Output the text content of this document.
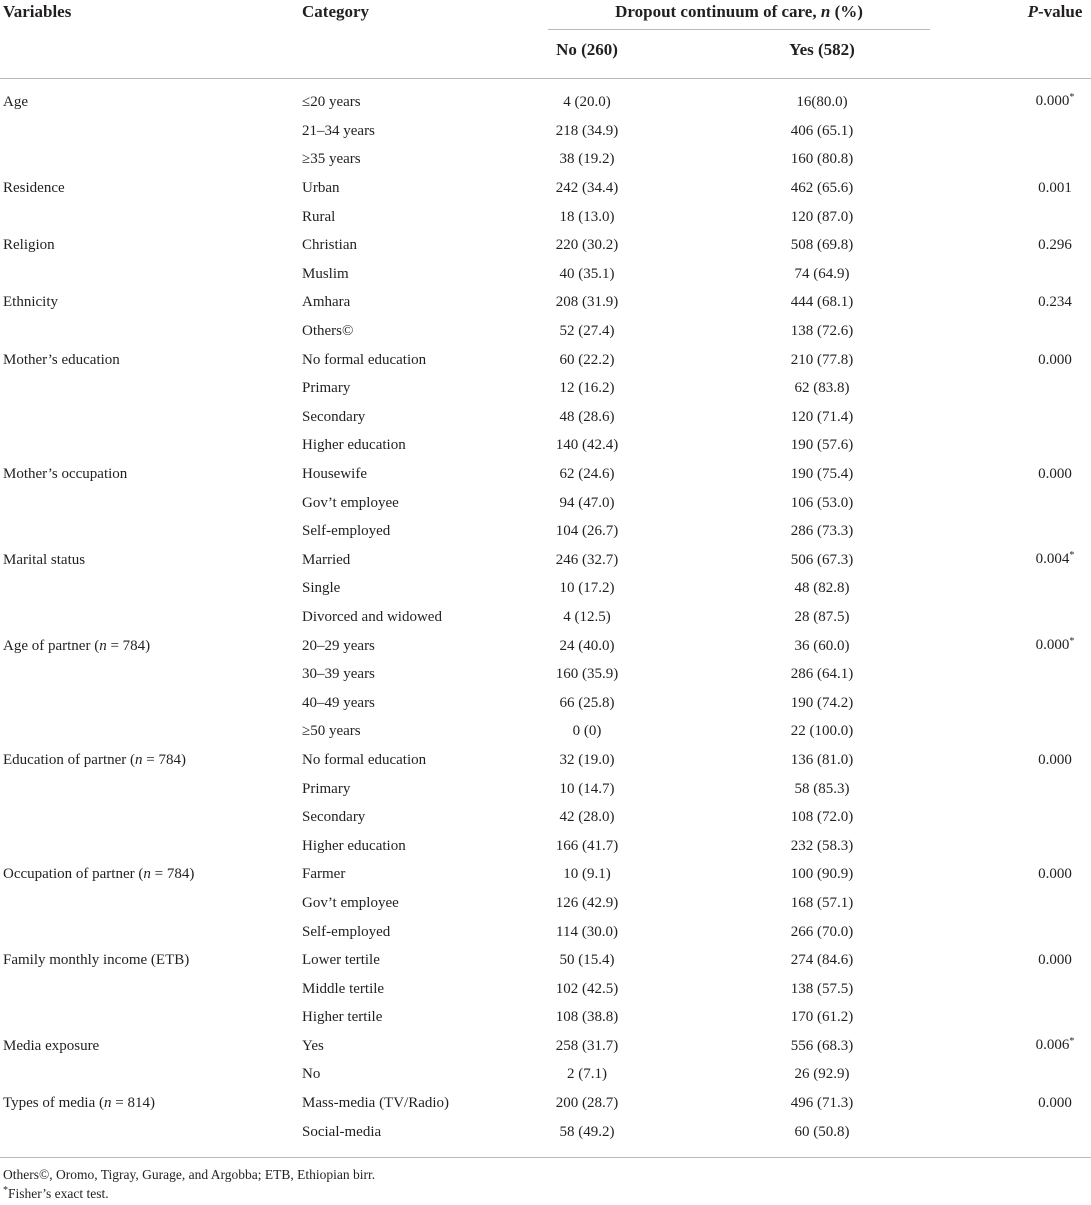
Variables	Category	Dropout continuum of care, n (%)	P-value
No (260)	Yes (582)
Age	≤20 years	4 (20.0)	16(80.0)	0.000*
21–34 years	218 (34.9)	406 (65.1)
≥35 years	38 (19.2)	160 (80.8)
Residence	Urban	242 (34.4)	462 (65.6)	0.001
Rural	18 (13.0)	120 (87.0)
Religion	Christian	220 (30.2)	508 (69.8)	0.296
Muslim	40 (35.1)	74 (64.9)
Ethnicity	Amhara	208 (31.9)	444 (68.1)	0.234
Others©	52 (27.4)	138 (72.6)
Mother’s education	No formal education	60 (22.2)	210 (77.8)	0.000
Primary	12 (16.2)	62 (83.8)
Secondary	48 (28.6)	120 (71.4)
Higher education	140 (42.4)	190 (57.6)
Mother’s occupation	Housewife	62 (24.6)	190 (75.4)	0.000
Gov’t employee	94 (47.0)	106 (53.0)
Self-employed	104 (26.7)	286 (73.3)
Marital status	Married	246 (32.7)	506 (67.3)	0.004*
Single	10 (17.2)	48 (82.8)
Divorced and widowed	4 (12.5)	28 (87.5)
Age of partner (n = 784)	20–29 years	24 (40.0)	36 (60.0)	0.000*
30–39 years	160 (35.9)	286 (64.1)
40–49 years	66 (25.8)	190 (74.2)
≥50 years	0 (0)	22 (100.0)
Education of partner (n = 784)	No formal education	32 (19.0)	136 (81.0)	0.000
Primary	10 (14.7)	58 (85.3)
Secondary	42 (28.0)	108 (72.0)
Higher education	166 (41.7)	232 (58.3)
Occupation of partner (n = 784)	Farmer	10 (9.1)	100 (90.9)	0.000
Gov’t employee	126 (42.9)	168 (57.1)
Self-employed	114 (30.0)	266 (70.0)
Family monthly income (ETB)	Lower tertile	50 (15.4)	274 (84.6)	0.000
Middle tertile	102 (42.5)	138 (57.5)
Higher tertile	108 (38.8)	170 (61.2)
Media exposure	Yes	258 (31.7)	556 (68.3)	0.006*
No	2 (7.1)	26 (92.9)
Types of media (n = 814)	Mass-media (TV/Radio)	200 (28.7)	496 (71.3)	0.000
Social-media	58 (49.2)	60 (50.8)
Others©, Oromo, Tigray, Gurage, and Argobba; ETB, Ethiopian birr.
*Fisher’s exact test.
